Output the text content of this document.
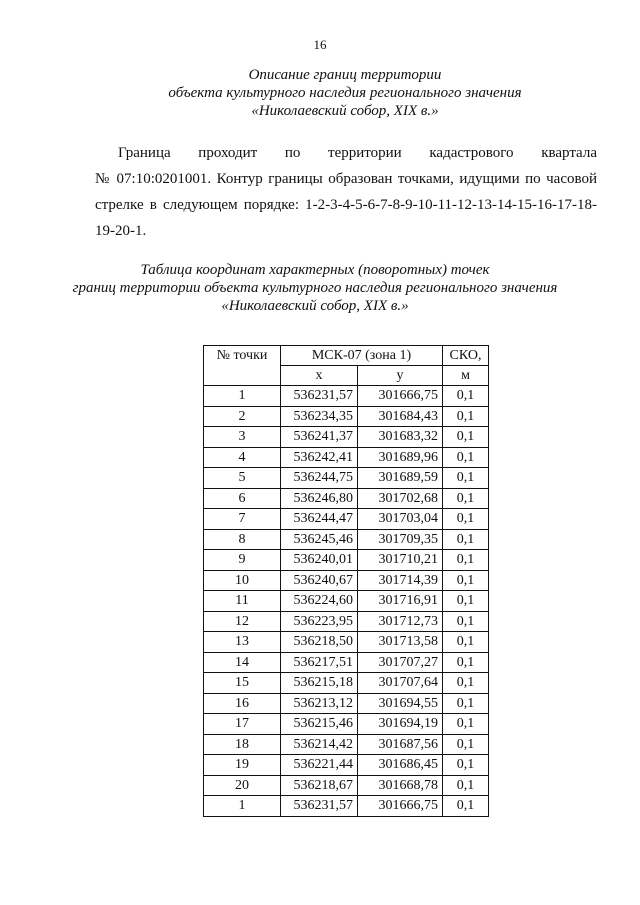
16
Описание границ территории
объекта культурного наследия регионального значения
«Николаевский собор, XIX в.»
Граница проходит по территории кадастрового квартала
№ 07:10:0201001. Контур границы образован точками, идущими по часовой
стрелке в следующем порядке: 1-2-3-4-5-6-7-8-9-10-11-12-13-14-15-16-17-18-
19-20-1.
Таблица координат характерных (поворотных) точек
границ территории объекта культурного наследия регионального значения
«Николаевский собор, XIX в.»
№ точки	МСК-07 (зона 1)		СКО,
	x	y	м
1	536231,57	301666,75	0,1
2	536234,35	301684,43	0,1
3	536241,37	301683,32	0,1
4	536242,41	301689,96	0,1
5	536244,75	301689,59	0,1
6	536246,80	301702,68	0,1
7	536244,47	301703,04	0,1
8	536245,46	301709,35	0,1
9	536240,01	301710,21	0,1
10	536240,67	301714,39	0,1
11	536224,60	301716,91	0,1
12	536223,95	301712,73	0,1
13	536218,50	301713,58	0,1
14	536217,51	301707,27	0,1
15	536215,18	301707,64	0,1
16	536213,12	301694,55	0,1
17	536215,46	301694,19	0,1
18	536214,42	301687,56	0,1
19	536221,44	301686,45	0,1
20	536218,67	301668,78	0,1
1	536231,57	301666,75	0,1
